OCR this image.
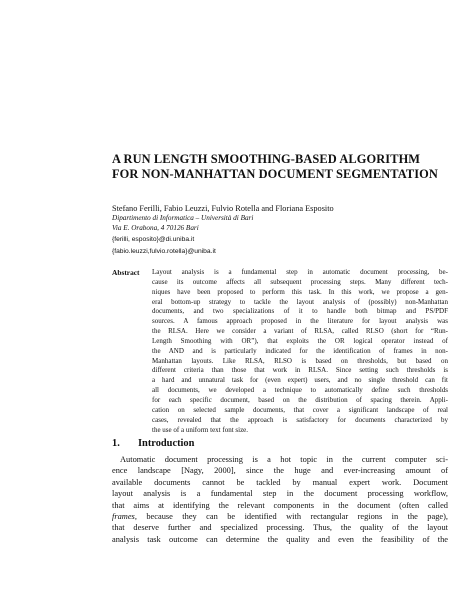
A RUN LENGTH SMOOTHING-BASED ALGORITHM
FOR NON-MANHATTAN DOCUMENT SEGMENTATION
Stefano Ferilli, Fabio Leuzzi, Fulvio Rotella and Floriana Esposito
Dipartimento di Informatica – Università di Bari
Via E. Orabona, 4 70126 Bari
{ferilli, esposito}@di.uniba.it
{fabio.leuzzi,fulvio.rotella}@uniba.it
Abstract Layout analysis is a fundamental step in automatic document processing, be-
cause its outcome affects all subsequent processing steps. Many different tech-
niques have been proposed to perform this task. In this work, we propose a gen-
eral bottom-up strategy to tackle the layout analysis of (possibly) non-Manhattan
documents, and two specializations of it to handle both bitmap and PS/PDF
sources. A famous approach proposed in the literature for layout analysis was
the RLSA. Here we consider a variant of RLSA, called RLSO (short for “Run-
Length Smoothing with OR”), that exploits the OR logical operator instead of
the AND and is particularly indicated for the identification of frames in non-
Manhattan layouts. Like RLSA, RLSO is based on thresholds, but based on
different criteria than those that work in RLSA. Since setting such thresholds is
a hard and unnatural task for (even expert) users, and no single threshold can fit
all documents, we developed a technique to automatically define such thresholds
for each specific document, based on the distribution of spacing therein. Appli-
cation on selected sample documents, that cover a significant landscape of real
cases, revealed that the approach is satisfactory for documents characterized by
the use of a uniform text font size.
1. Introduction
Automatic document processing is a hot topic in the current computer sci-
ence landscape [Nagy, 2000], since the huge and ever-increasing amount of
available documents cannot be tackled by manual expert work. Document
layout analysis is a fundamental step in the document processing workflow,
that aims at identifying the relevant components in the document (often called
frames, because they can be identified with rectangular regions in the page),
that deserve further and specialized processing. Thus, the quality of the layout
analysis task outcome can determine the quality and even the feasibility of the
